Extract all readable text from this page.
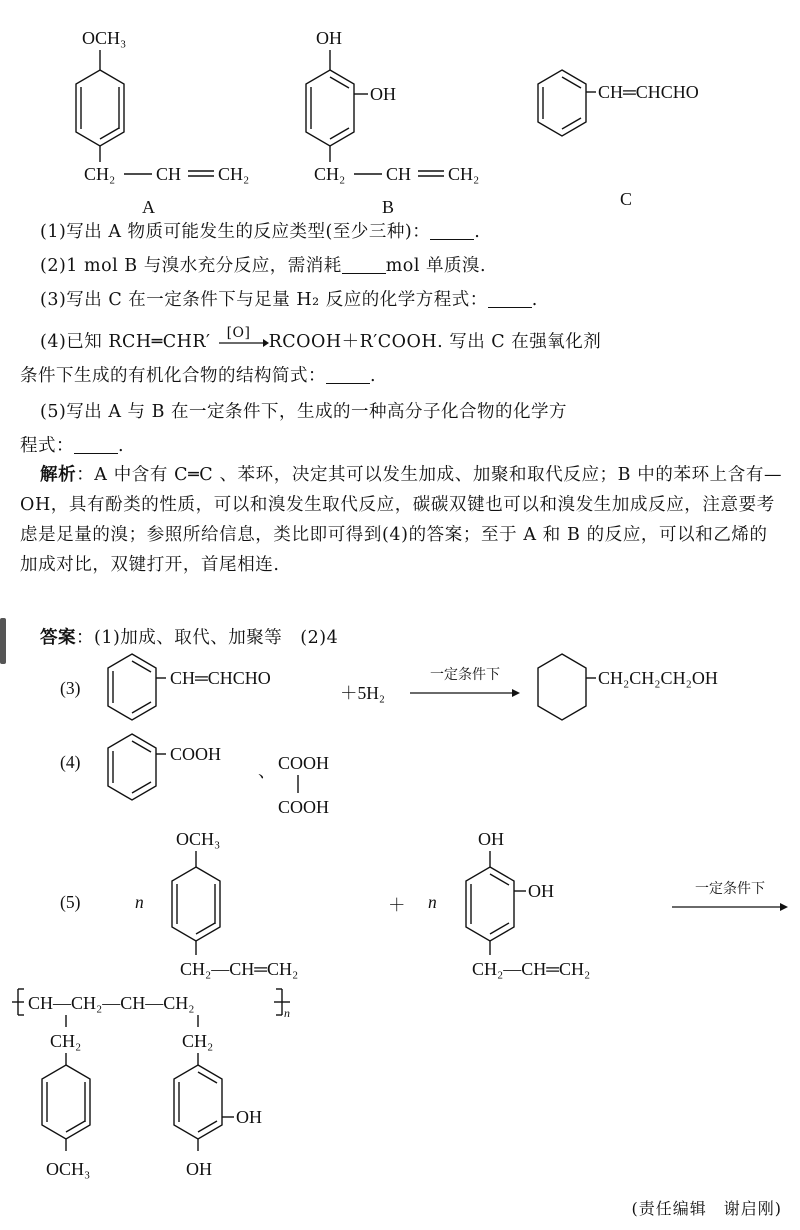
OCH₃
CH₂ CH CH₂
A
OH
OH
CH₂ CH CH₂
B
CH═CHCHO
C
(1)写出 A 物质可能发生的反应类型(至少三种)：	.
(2)1 mol B 与溴水充分反应，需消耗	mol 单质溴.
(3)写出 C 在一定条件下与足量 H₂ 反应的化学方程式：	.
(4)已知 RCH═CHR′ [O] RCOOH＋R′COOH. 写出 C 在强氧化剂
条件下生成的有机化合物的结构简式：	.
(5)写出 A 与 B 在一定条件下，生成的一种高分子化合物的化学方
程式：	.
解析：A 中含有 C═C 、苯环，决定其可以发生加成、加聚和取代反应；B 中的苯环上含有—OH，具有酚类的性质，可以和溴发生取代反应，碳碳双键也可以和溴发生加成反应，注意要考虑是足量的溴；参照所给信息，类比即可得到(4)的答案；至于 A 和 B 的反应，可以和乙烯的加成对比，双键打开，首尾相连.
答案：(1)加成、取代、加聚等　(2)4
(3)	CH═CHCHO
＋5H₂
一定条件下	CH₂CH₂CH₂OH
(4)	COOH
、 COOH
COOH
(5)	n
OCH₃
CH₂—CH═CH₂
＋ n
OH
OH
CH₂—CH═CH₂
一定条件下
CH—CH₂—CH—CH₂	n
CH₂
OCH₃
CH₂
OH
OH
(责任编辑　谢启刚)
